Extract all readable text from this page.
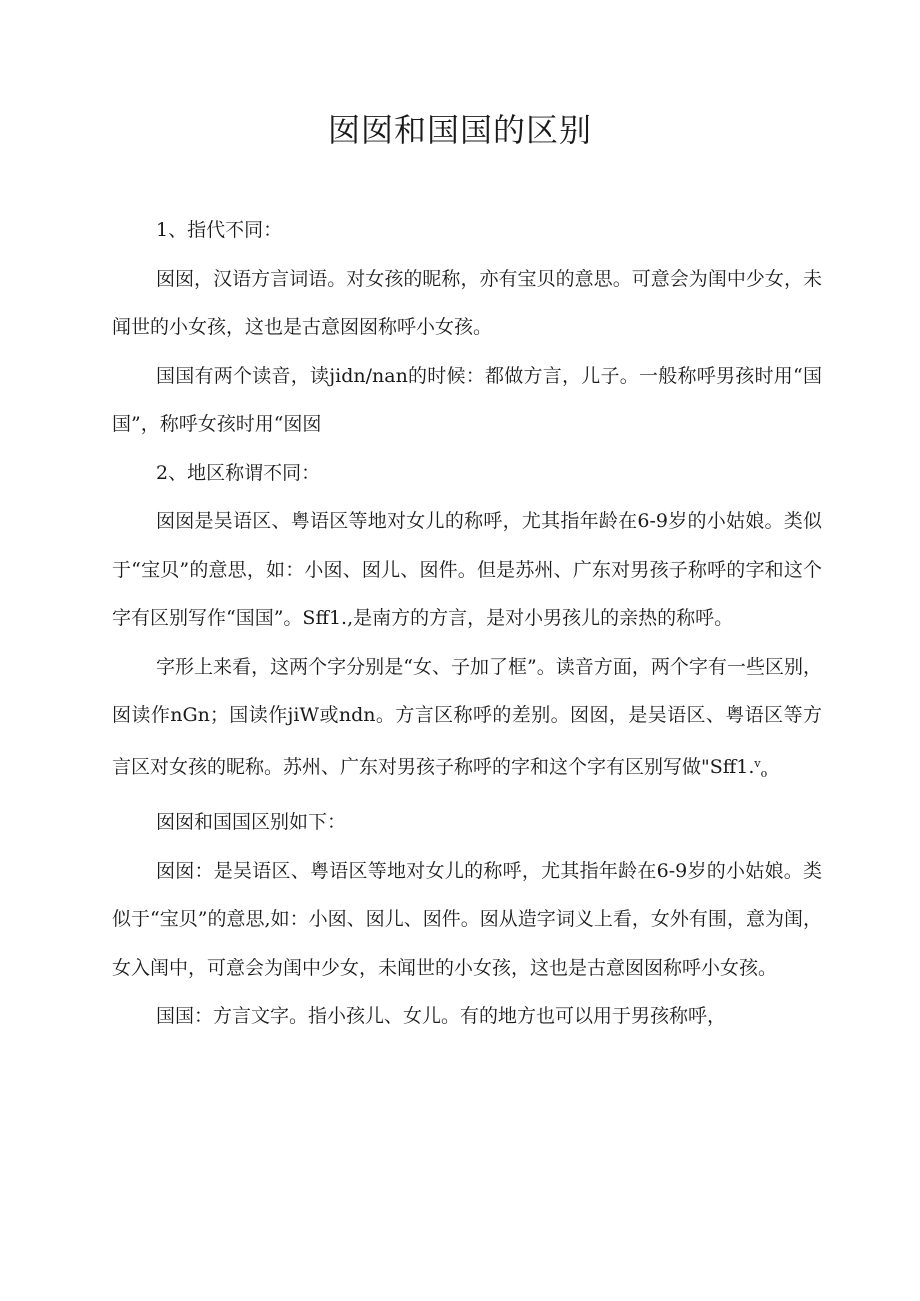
囡囡和国国的区别

1、指代不同：

囡囡，汉语方言词语。对女孩的昵称，亦有宝贝的意思。可意会为闺中少女，未闻世的小女孩，这也是古意囡囡称呼小女孩。

国国有两个读音，读jidn/nan的时候：都做方言，儿子。一般称呼男孩时用“国国”，称呼女孩时用“囡囡

2、地区称谓不同：

囡囡是吴语区、粤语区等地对女儿的称呼，尤其指年龄在6-9岁的小姑娘。类似于“宝贝”的意思，如：小囡、囡儿、囡件。但是苏州、广东对男孩子称呼的字和这个字有区别写作“国国”。Sff1.,是南方的方言，是对小男孩儿的亲热的称呼。

字形上来看，这两个字分别是“女、子加了框”。读音方面，两个字有一些区别，囡读作nGn；国读作jiW或ndn。方言区称呼的差别。囡囡，是吴语区、粤语区等方言区对女孩的昵称。苏州、广东对男孩子称呼的字和这个字有区别写做"Sff1.$^v_o$

囡囡和国国区别如下：

囡囡：是吴语区、粤语区等地对女儿的称呼，尤其指年龄在6-9岁的小姑娘。类似于“宝贝”的意思,如：小囡、囡儿、囡件。囡从造字词义上看，女外有围，意为闺，女入闺中，可意会为闺中少女，未闻世的小女孩，这也是古意囡囡称呼小女孩。

国国：方言文字。指小孩儿、女儿。有的地方也可以用于男孩称呼，
